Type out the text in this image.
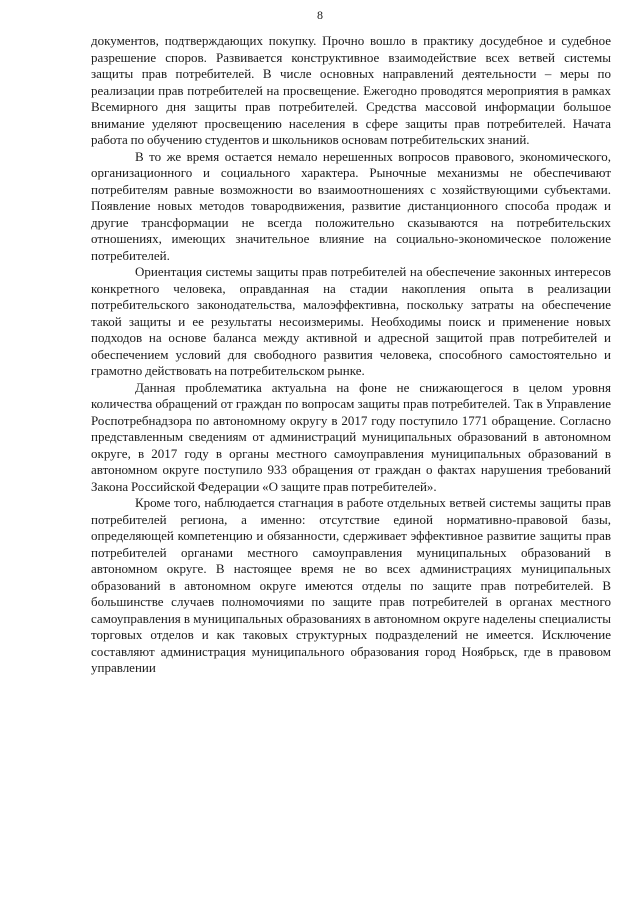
8

документов, подтверждающих покупку. Прочно вошло в практику досудебное и судебное разрешение споров. Развивается конструктивное взаимодействие всех ветвей системы защиты прав потребителей. В числе основных направлений деятельности – меры по реализации прав потребителей на просвещение. Ежегодно проводятся мероприятия в рамках Всемирного дня защиты прав потребителей. Средства массовой информации большое внимание уделяют просвещению населения в сфере защиты прав потребителей. Начата работа по обучению студентов и школьников основам потребительских знаний.

В то же время остается немало нерешенных вопросов правового, экономического, организационного и социального характера. Рыночные механизмы не обеспечивают потребителям равные возможности во взаимоотношениях с хозяйствующими субъектами. Появление новых методов товародвижения, развитие дистанционного способа продаж и другие трансформации не всегда положительно сказываются на потребительских отношениях, имеющих значительное влияние на социально-экономическое положение потребителей.

Ориентация системы защиты прав потребителей на обеспечение законных интересов конкретного человека, оправданная на стадии накопления опыта в реализации потребительского законодательства, малоэффективна, поскольку затраты на обеспечение такой защиты и ее результаты несоизмеримы. Необходимы поиск и применение новых подходов на основе баланса между активной и адресной защитой прав потребителей и обеспечением условий для свободного развития человека, способного самостоятельно и грамотно действовать на потребительском рынке.

Данная проблематика актуальна на фоне не снижающегося в целом уровня количества обращений от граждан по вопросам защиты прав потребителей. Так в Управление Роспотребнадзора по автономному округу в 2017 году поступило 1771 обращение. Согласно представленным сведениям от администраций муниципальных образований в автономном округе, в 2017 году в органы местного самоуправления муниципальных образований в автономном округе поступило 933 обращения от граждан о фактах нарушения требований Закона Российской Федерации «О защите прав потребителей».

Кроме того, наблюдается стагнация в работе отдельных ветвей системы защиты прав потребителей региона, а именно: отсутствие единой нормативно-правовой базы, определяющей компетенцию и обязанности, сдерживает эффективное развитие защиты прав потребителей органами местного самоуправления муниципальных образований в автономном округе. В настоящее время не во всех администрациях муниципальных образований в автономном округе имеются отделы по защите прав потребителей. В большинстве случаев полномочиями по защите прав потребителей в органах местного самоуправления в муниципальных образованиях в автономном округе наделены специалисты торговых отделов и как таковых структурных подразделений не имеется. Исключение составляют администрация муниципального образования город Ноябрьск, где в правовом управлении
